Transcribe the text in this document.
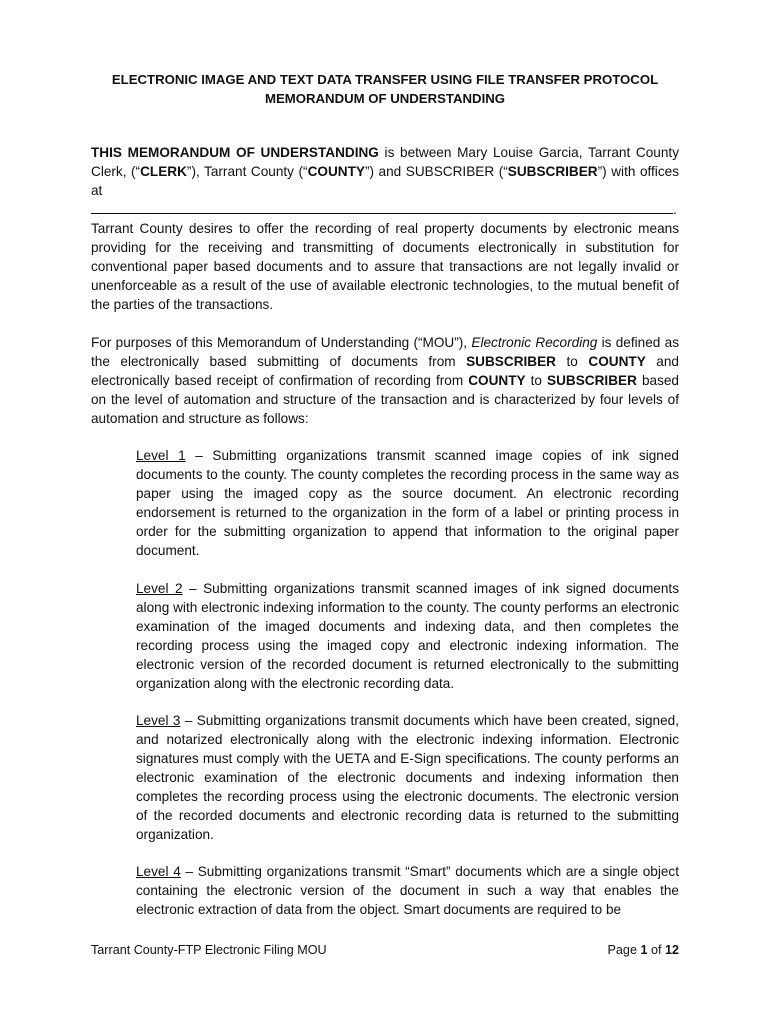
ELECTRONIC IMAGE AND TEXT DATA TRANSFER USING FILE TRANSFER PROTOCOL
MEMORANDUM OF UNDERSTANDING

THIS MEMORANDUM OF UNDERSTANDING is between Mary Louise Garcia, Tarrant County Clerk, (“CLERK”), Tarrant County (“COUNTY”) and SUBSCRIBER (“SUBSCRIBER”) with offices at
.

Tarrant County desires to offer the recording of real property documents by electronic means providing for the receiving and transmitting of documents electronically in substitution for conventional paper based documents and to assure that transactions are not legally invalid or unenforceable as a result of the use of available electronic technologies, to the mutual benefit of the parties of the transactions.

For purposes of this Memorandum of Understanding (“MOU”), Electronic Recording is defined as the electronically based submitting of documents from SUBSCRIBER to COUNTY and electronically based receipt of confirmation of recording from COUNTY to SUBSCRIBER based on the level of automation and structure of the transaction and is characterized by four levels of automation and structure as follows:

Level 1 – Submitting organizations transmit scanned image copies of ink signed documents to the county. The county completes the recording process in the same way as paper using the imaged copy as the source document. An electronic recording endorsement is returned to the organization in the form of a label or printing process in order for the submitting organization to append that information to the original paper document.

Level 2 – Submitting organizations transmit scanned images of ink signed documents along with electronic indexing information to the county. The county performs an electronic examination of the imaged documents and indexing data, and then completes the recording process using the imaged copy and electronic indexing information. The electronic version of the recorded document is returned electronically to the submitting organization along with the electronic recording data.

Level 3 – Submitting organizations transmit documents which have been created, signed, and notarized electronically along with the electronic indexing information. Electronic signatures must comply with the UETA and E-Sign specifications. The county performs an electronic examination of the electronic documents and indexing information then completes the recording process using the electronic documents. The electronic version of the recorded documents and electronic recording data is returned to the submitting organization.

Level 4 – Submitting organizations transmit “Smart” documents which are a single object containing the electronic version of the document in such a way that enables the electronic extraction of data from the object. Smart documents are required to be

Tarrant County-FTP Electronic Filing MOU	Page 1 of 12
